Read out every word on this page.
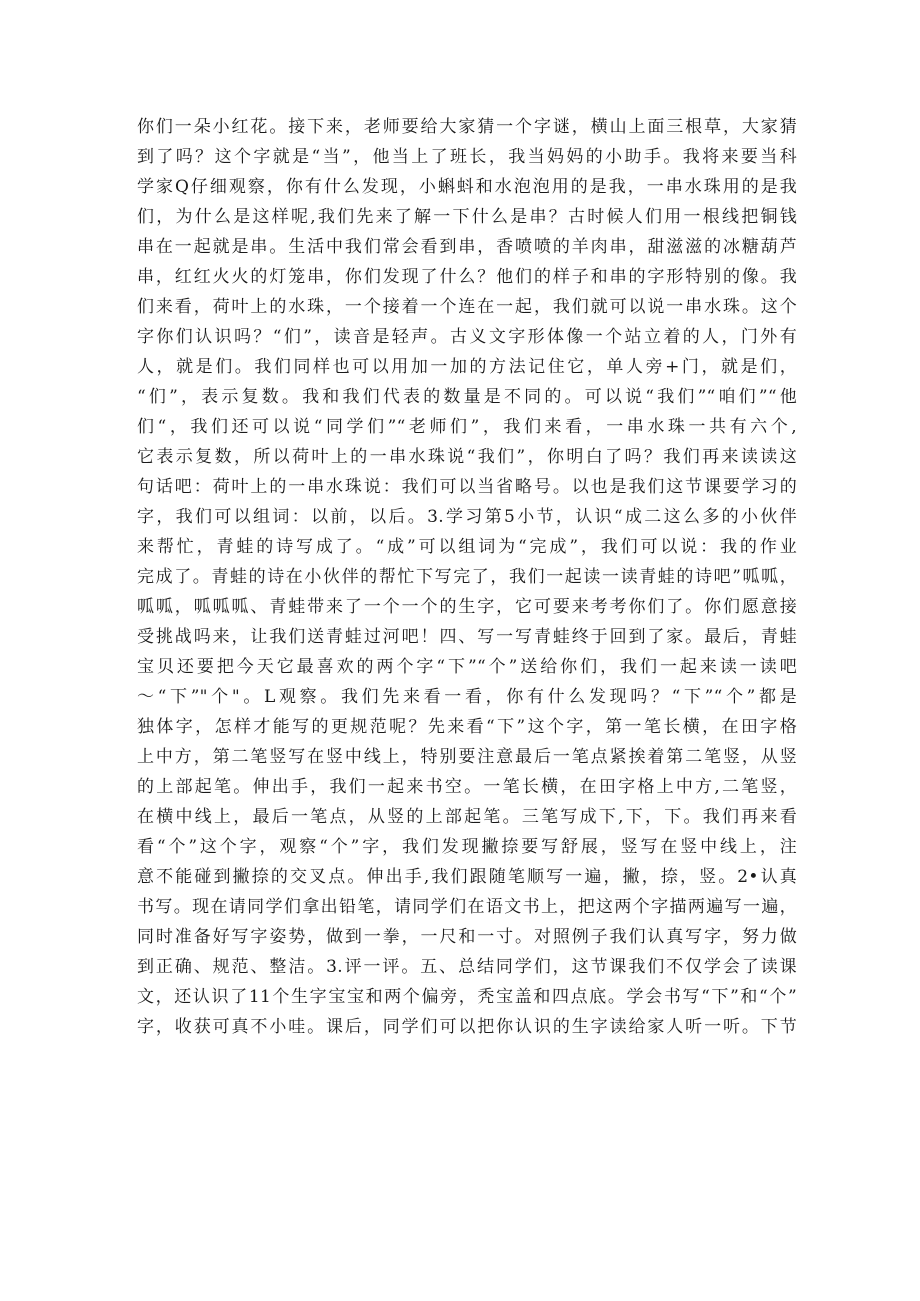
你们一朵小红花。接下来，老师要给大家猜一个字谜，横山上面三根草，大家猜
到了吗？这个字就是“当”，他当上了班长，我当妈妈的小助手。我将来要当科
学家Q仔细观察，你有什么发现，小蝌蚪和水泡泡用的是我，一串水珠用的是我
们，为什么是这样呢,我们先来了解一下什么是串？古时候人们用一根线把铜钱
串在一起就是串。生活中我们常会看到串，香喷喷的羊肉串，甜滋滋的冰糖葫芦
串，红红火火的灯笼串，你们发现了什么？他们的样子和串的字形特别的像。我
们来看，荷叶上的水珠，一个接着一个连在一起，我们就可以说一串水珠。这个
字你们认识吗？“们”，读音是轻声。古义文字形体像一个站立着的人，门外有
人，就是们。我们同样也可以用加一加的方法记住它，单人旁+门，就是们，
“们”，表示复数。我和我们代表的数量是不同的。可以说“我们”“咱们”“他
们“，我们还可以说“同学们”“老师们”，我们来看，一串水珠一共有六个,
它表示复数，所以荷叶上的一串水珠说“我们”，你明白了吗？我们再来读读这
句话吧：荷叶上的一串水珠说：我们可以当省略号。以也是我们这节课要学习的
字，我们可以组词：以前，以后。3.学习第5小节，认识“成二这么多的小伙伴
来帮忙，青蛙的诗写成了。“成”可以组词为“完成”，我们可以说：我的作业
完成了。青蛙的诗在小伙伴的帮忙下写完了，我们一起读一读青蛙的诗吧”呱呱，
呱呱，呱呱呱、青蛙带来了一个一个的生字，它可要来考考你们了。你们愿意接
受挑战吗来，让我们送青蛙过河吧！四、写一写青蛙终于回到了家。最后，青蛙
宝贝还要把今天它最喜欢的两个字“下”“个”送给你们，我们一起来读一读吧
～“下”"个"。L观察。我们先来看一看，你有什么发现吗？“下”“个”都是
独体字，怎样才能写的更规范呢？先来看“下”这个字，第一笔长横，在田字格
上中方，第二笔竖写在竖中线上，特别要注意最后一笔点紧挨着第二笔竖，从竖
的上部起笔。伸出手，我们一起来书空。一笔长横，在田字格上中方,二笔竖，
在横中线上，最后一笔点，从竖的上部起笔。三笔写成下,下，下。我们再来看
看“个”这个字，观察“个”字，我们发现撇捺要写舒展，竖写在竖中线上，注
意不能碰到撇捺的交叉点。伸出手,我们跟随笔顺写一遍，撇，捺，竖。2•认真
书写。现在请同学们拿出铅笔，请同学们在语文书上，把这两个字描两遍写一遍，
同时准备好写字姿势，做到一拳，一尺和一寸。对照例子我们认真写字，努力做
到正确、规范、整洁。3.评一评。五、总结同学们，这节课我们不仅学会了读课
文，还认识了11个生字宝宝和两个偏旁，秃宝盖和四点底。学会书写“下”和“个”
字，收获可真不小哇。课后，同学们可以把你认识的生字读给家人听一听。下节
